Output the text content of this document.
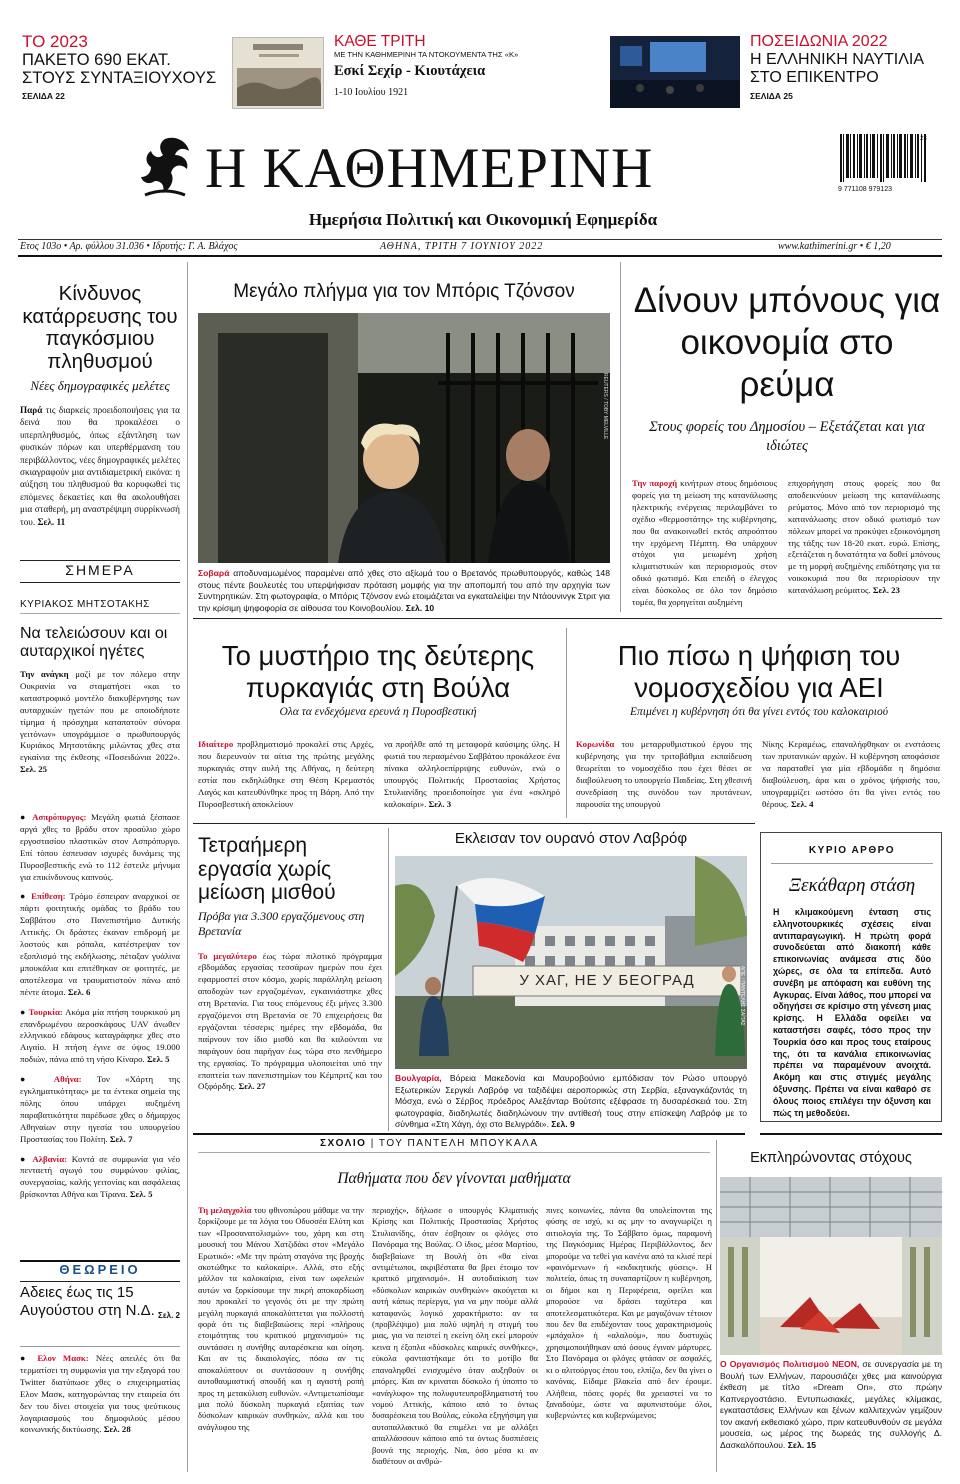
ΤΟ 2023
ΠΑΚΕΤΟ 690 ΕΚΑΤ. ΣΤΟΥΣ ΣΥΝΤΑΞΙΟΥΧΟΥΣ
ΣΕΛΙΔΑ 22
ΚΑΘΕ ΤΡΙΤΗ
ΜΕ ΤΗΝ ΚΑΘΗΜΕΡΙΝΗ ΤΑ ΝΤΟΚΟΥΜΕΝΤΑ ΤΗΣ «Κ»
Εσκί Σεχίρ - Κιουτάχεια
1-10 Ιουλίου 1921
ΠΟΣΕΙΔΩΝΙΑ 2022
Η ΕΛΛΗΝΙΚΗ ΝΑΥΤΙΛΙΑ ΣΤΟ ΕΠΙΚΕΝΤΡΟ
ΣΕΛΙΔΑ 25
Η ΚΑΘΗΜΕΡΙΝΗ
Ημερήσια Πολιτική και Οικονομική Εφημερίδα
9 771108 979123
23
Ετος 103ο • Αρ. φύλλου 31.036 • Ιδρυτής: Γ. Α. Βλάχος	ΑΘΗΝΑ, ΤΡΙΤΗ 7 ΙΟΥΝΙΟΥ 2022	www.kathimerini.gr • € 1,20
Κίνδυνος κατάρρευσης του παγκόσμιου πληθυσμού
Νέες δημογραφικές μελέτες
Παρά τις διαρκείς προειδοποιήσεις για τα δεινά που θα προκαλέσει ο υπερπληθυσμός, όπως εξάντληση των φυσικών πόρων και υπερθέρμανση του περιβάλλοντος, νέες δημογραφικές μελέτες σκιαγραφούν μια αντιδιαμετρική εικόνα: η αύξηση του πληθυσμού θα κορυφωθεί τις επόμενες δεκαετίες και θα ακολουθήσει μια σταθερή, μη αναστρέψιμη συρρίκνωσή του. Σελ. 11
ΣΗΜΕΡΑ
ΚΥΡΙΑΚΟΣ ΜΗΤΣΟΤΑΚΗΣ
Να τελειώσουν και οι αυταρχικοί ηγέτες
Την ανάγκη μαζί με τον πόλεμο στην Ουκρανία να σταματήσει «και το καταστροφικό μοντέλο διακυβέρνησης των αυταρχικών ηγετών που με οποιοδήποτε τίμημα ή πρόσχημα καταπατούν σύνορα γειτόνων» υπογράμμισε ο πρωθυπουργός Κυριάκος Μητσοτάκης μιλώντας χθες στα εγκαίνια της έκθεσης «Ποσειδώνια 2022». Σελ. 25
● Ασπρόπυργος: Μεγάλη φωτιά ξέσπασε αργά χθες το βράδυ στον προαύλιο χώρο εργοστασίου πλαστικών στον Ασπρόπυργο. Επί τόπου έσπευσαν ισχυρές δυνάμεις της Πυροσβεστικής ενώ το 112 έστειλε μήνυμα για επικίνδυνους καπνούς.
● Επίθεση: Τρόμο έσπειραν αναρχικοί σε πάρτι φοιτητικής ομάδας το βράδυ του Σαββάτου στο Πανεπιστήμιο Δυτικής Αττικής. Οι δράστες έκαναν επιδρομή με λοστούς και ρόπαλα, κατέστρεψαν τον εξοπλισμό της εκδήλωσης, πέταξαν γυάλινα μπουκάλια και επιτέθηκαν σε φοιτητές, με αποτέλεσμα να τραυματιστούν πάνω από πέντε άτομα. Σελ. 6
● Τουρκία: Ακόμα μία πτήση τουρκικού μη επανδρωμένου αεροσκάφους UAV άνωθεν ελληνικού εδάφους καταγράφηκε χθες στο Αιγαίο. Η πτήση έγινε σε ύψος 19.000 ποδιών, πάνω από τη νήσο Κίναρο. Σελ. 5
● Αθήνα: Τον «Χάρτη της εγκληματικότητας» με τα έντεκα σημεία της πόλης όπου υπάρχει αυξημένη παραβατικότητα παρέδωσε χθες ο δήμαρχος Αθηναίων στην ηγεσία του υπουργείου Προστασίας του Πολίτη. Σελ. 7
● Αλβανία: Κοντά σε συμφωνία για νέο πενταετή αγωγό του συμφώνου φιλίας, συνεργασίας, καλής γειτονίας και ασφάλειας βρίσκονται Αθήνα και Τίρανα. Σελ. 5
ΘΕΩΡΕΙΟ
Αδειες έως τις 15 Αυγούστου στη Ν.Δ. Σελ. 2
● Ελον Μασκ: Νέες απειλές ότι θα τερματίσει τη συμφωνία για την εξαγορά του Twitter διατύπωσε χθες ο επιχειρηματίας Ελον Μασκ, κατηγορώντας την εταιρεία ότι δεν του δίνει στοιχεία για τους ψεύτικους λογαριασμούς του δημοφιλούς μέσου κοινωνικής δικτύωσης. Σελ. 28
Μεγάλο πλήγμα για τον Μπόρις Τζόνσον
REUTERS / TOBY MELVILLE
Σοβαρά αποδυναμωμένος παραμένει από χθες στο αξίωμά του ο Βρετανός πρωθυπουργός, καθώς 148 στους πέντε βουλευτές του υπερψήφισαν πρόταση μομφής για την αποπομπή του από την αρχηγία των Συντηρητικών. Στη φωτογραφία, ο Μπόρις Τζόνσον ενώ ετοιμάζεται να εγκαταλείψει την Ντάουνινγκ Στριτ για την κρίσιμη ψηφοφορία σε αίθουσα του Κοινοβουλίου. Σελ. 10
Δίνουν μπόνους για οικονομία στο ρεύμα
Στους φορείς του Δημοσίου – Εξετάζεται και για ιδιώτες
Την παροχή κινήτρων στους δημόσιους φορείς για τη μείωση της κατανάλωσης ηλεκτρικής ενέργειας περιλαμβάνει το σχέδιο «θερμοστάτης» της κυβέρνησης, που θα ανακοινωθεί εκτός απροόπτου την ερχόμενη Πέμπτη. Θα υπάρχουν στόχοι για μειωμένη χρήση κλιματιστικών και περιορισμούς στον οδικό φωτισμό. Και επειδή ο έλεγχος είναι δύσκολος σε όλο τον δημόσιο τομέα, θα χορηγείται αυξημένη
επιχορήγηση στους φορείς που θα αποδεικνύουν μείωση της κατανάλωσης ρεύματος. Μόνο από τον περιορισμό της κατανάλωσης στον οδικό φωτισμό των πόλεων μπορεί να προκύψει εξοικονόμηση της τάξης των 18-20 εκατ. ευρώ. Επίσης, εξετάζεται η δυνατότητα να δοθεί μπόνους με τη μορφή αυξημένης επιδότησης για τα νοικοκυριά που θα περιορίσουν την κατανάλωση ρεύματος. Σελ. 23
Το μυστήριο της δεύτερης πυρκαγιάς στη Βούλα
Ολα τα ενδεχόμενα ερευνά η Πυροσβεστική
Ιδιαίτερο προβληματισμό προκαλεί στις Αρχές, που διερευνούν τα αίτια της πρώτης μεγάλης πυρκαγιάς στην αυλή της Αθήνας, η δεύτερη εστία που εκδηλώθηκε στη Θέση Κρεμαστός Λαγός και κατευθύνθηκε προς τη Βάρη. Από την Πυροσβεστική αποκλείουν
να προήλθε από τη μεταφορά καύσιμης ύλης. Η φωτιά του περασμένου Σαββάτου προκάλεσε ένα πίνακα αλληλοεπίρριψης ευθυνών, ενώ ο υπουργός Πολιτικής Προστασίας Χρήστος Στυλιανίδης προειδοποίησε για ένα «σκληρό καλοκαίρι». Σελ. 3
Πιο πίσω η ψήφιση του νομοσχεδίου για ΑΕΙ
Επιμένει η κυβέρνηση ότι θα γίνει εντός του καλοκαιριού
Κορωνίδα του μεταρρυθμιστικού έργου της κυβέρνησης για την τριτοβάθμια εκπαίδευση θεωρείται το νομοσχέδιο που έχει θέσει σε διαβούλευση το υπουργείο Παιδείας. Στη χθεσινή συνεδρίαση της συνόδου των πρυτάνεων, παρουσία της υπουργού
Νίκης Κεραμέως, επαναλήφθηκαν οι ενστάσεις των πρυτανικών αρχών. Η κυβέρνηση αποφάσισε να παραταθεί για μία εβδομάδα η δημόσια διαβούλευση, άρα και ο χρόνος ψήφισής του, υπογραμμίζει ωστόσο ότι θα γίνει εντός του θέρους. Σελ. 4
Τετραήμερη εργασία χωρίς μείωση μισθού
Πρόβα για 3.300 εργαζόμενους στη Βρετανία
Το μεγαλύτερο έως τώρα πιλοτικό πρόγραμμα εβδομάδας εργασίας τεσσάρων ημερών που έχει εφαρμοστεί στον κόσμο, χωρίς παράλληλη μείωση αποδοχών των εργαζομένων, εγκαινιάστηκε χθες στη Βρετανία. Για τους επόμενους έξι μήνες 3.300 εργαζόμενοι στη Βρετανία σε 70 επιχειρήσεις θα εργάζονται τέσσερις ημέρες την εβδομάδα, θα παίρνουν τον ίδιο μισθό και θα καλούνται να παράγουν όσα παρήγαν έως τώρα στο πενθήμερο της εργασίας. Το πρόγραμμα υλοποιείται υπό την εποπτεία των πανεπιστημίων του Κέμπριτζ και του Οξφόρδης. Σελ. 27
Εκλεισαν τον ουρανό στον Λαβρόφ
У ХАГ, НЕ У БЕОГРАД	ΑΠΕ / ΠΑΝΤΕΛΗΣ ΣΑΪΤΑΣ
Βουλγαρία, Βόρεια Μακεδονία και Μαυροβούνιο εμπόδισαν τον Ρώσο υπουργό Εξωτερικών Σεργκέι Λαβρόφ να ταξιδέψει αεροπορικώς στη Σερβία, εξαναγκάζοντάς τη Μόσχα, ενώ ο Σέρβος πρόεδρος Αλεξάνταρ Βούτσιτς εξέφρασε τη δυσαρέσκειά του. Στη φωτογραφία, διαδηλωτές διαδηλώνουν την αντίθεσή τους στην επίσκεψη Λαβρόφ με το σύνθημα «Στη Χάγη, όχι στο Βελιγράδι». Σελ. 9
ΚΥΡΙΟ ΑΡΘΡΟ
Ξεκάθαρη στάση
Η κλιμακούμενη ένταση στις ελληνοτουρκικές σχέσεις είναι αντιπαραγωγική. Η πρώτη φορά συνοδεύεται από διακοπή κάθε επικοινωνίας ανάμεσα στις δύο χώρες, σε όλα τα επίπεδα. Αυτό συνέβη με απόφαση και ευθύνη της Αγκυρας. Είναι λάθος, που μπορεί να οδηγήσει σε κρίσιμο στη γένεση μιας κρίσης. Η Ελλάδα οφείλει να καταστήσει σαφές, τόσο προς την Τουρκία όσο και προς τους εταίρους της, ότι τα κανάλια επικοινωνίας πρέπει να παραμένουν ανοιχτά. Ακόμη και στις στιγμές μεγάλης όξυνσης. Πρέπει να είναι καθαρό σε όλους ποιος επιλέγει την όξυνση και πώς τη μεθοδεύει.
ΣΧΟΛΙΟ | ΤΟΥ ΠΑΝΤΕΛΗ ΜΠΟΥΚΑΛΑ
Παθήματα που δεν γίνονται μαθήματα
Τη μελαγχολία του φθινοπώρου μάθαμε να την ξορκίζουμε με τα λόγια του Οδυσσέα Ελύτη και των «Προσανατολισμών» του, χάρη και στη μουσική του Μάνου Χατζιδάκι στον «Μεγάλο Ερωτικό»: «Με την πρώτη σταγόνα της βροχής σκοτώθηκε το καλοκαίρι». Αλλά, στο εξής μάλλον τα καλοκαίρια, είναι των ωφελειών αυτών να ξορκίσουμε την πικρή αποκαρδίωση που προκαλεί το γεγονός ότι με την πρώτη μεγάλη πυρκαγιά αποκαλύπτεται για πολλοστή φορά ότι τις διαβεβαιώσεις περί «πλήρους ετοιμότητας του κρατικού μηχανισμού» τις συντάσσει η συνήθης αυταρέσκεια και οίηση. Και αν τις δικαιολογίες, πόσω αν τις αποκαλύπτουν οι συντάσσουν η συνήθης αυτοθαυμαστική σπουδή και η αγαστή ροπή προς τη μετακύλιση ευθυνών. «Αντιμετωπίσαμε μια πολύ δύσκολη πυρκαγιά εξαιτίας των δύσκολων καιρικών συνθηκών, αλλά και του ανάγλυφου της
περιοχής», δήλωσε ο υπουργός Κλιματικής Κρίσης και Πολιτικής Προστασίας Χρήστος Στυλιανίδης, όταν έσβησαν οι φλόγες στο Πανόραμα της Βούλας. Ο ίδιος, μέσα Μαρτίου, διαβεβαίωνε τη Βουλή ότι «θα είναι αντιμέτωποι, ακριβέστατα θα βρει έτοιμο τον κρατικό μηχανισμό». Η αυτοδιαίκιση των «δύσκολων καιρικών συνθηκών» ακούγεται κι αυτή κάπως περίεργα, για να μην πούμε αλλά καταφανώς λογικό χαρακτήριστο: αν τα (προβλέψιμο) μια πολύ υψηλή η στιγμή του μιας, για να πειστεί η εκείνη όλη εκεί μπορούν κεινα η έξοπλα «δύσκολες καιρικές συνθήκες», εύκολα φανταστήκαμε ότι το μοτίβο θα επαναληφθεί ενισχυμένο όταν αυξηθούν οι μπόρες. Και αν κριναται δύσκολο ή ύποπτο το «ανάγλυφο» της πολυφυτευπροβληματιστή του νομού Αττικής, κάποιο από το όντως δυσαρέσκεια του Βούλας, εύκολα εξηγήσιμη για αυτοπαλλακτικό θα επιμέλει να με αλλάξει απαλλάσσουν κάποιο από τα όντως δυσπιέσεις βουνά της περιοχής. Ναι, όσο μέσα κι αν διαθέτουν οι ανθρώ-
πινες κοινωνίες, πάντα θα υπολείπονται της φύσης σε ισχύ, κι ας μην το αναγνωρίζει η αιτιολογία της. Το Σάββατο όμως, παραμονή της Παγκόσμιας Ημέρας Περιβάλλοντος, δεν μπορούμε να τεθεί για κανένα από τα κλισέ περί «φαινόμενων» ή «εκδικητικής φύσεις». Η πολιτεία, όπως τη συναπαρτίζουν η κυβέρνηση, οι δήμοι και η Περιφέρεια, οφείλει και μπορούσε να δράσει ταχύτερα και αποτελεσματικότερα. Και με μαγαζόνων τέτοιον που δεν θα επιδέχονταν τους χαρακτηρισμούς «μπάχαλο» ή «αλαλούμ», που δυστυχώς χρησιμοποιήθηκαν από όσους έγιναν μάρτυρες. Στο Πανόραμα οι φλόγες φτάσαν σε ασφαλές, κι ο αλιτούργος έπου του, ελπίζω, δεν θα γίνει ο κανόνας. Είδαμε βλακεία από δεν έρουμε. Αλήθεια, πόσες φορές θα χρειαστεί να το ξαναδούμε, ώστε να αφυπνιστούμε όλοι, κυβερνώντες και κυβερνώμενοι;
Εκπληρώνοντας στόχους
Ο Οργανισμός Πολιτισμού ΝΕΟΝ, σε συνεργασία με τη Βουλή των Ελλήνων, παρουσιάζει χθες μια καινούργια έκθεση με τίτλο «Dream On», στο πρώην Καπνεργοστάσιο. Εντυπωσιακές, μεγάλες κλίμακας, εγκαταστάσεις Ελλήνων και ξένων καλλιτεχνών γεμίζουν τον ακανή εκθεσιακό χώρο, πριν κατευθυνθούν σε μεγάλα μουσεία, ως μέρος της δωρεάς της συλλογής Δ. Δασκαλόπουλου. Σελ. 15
